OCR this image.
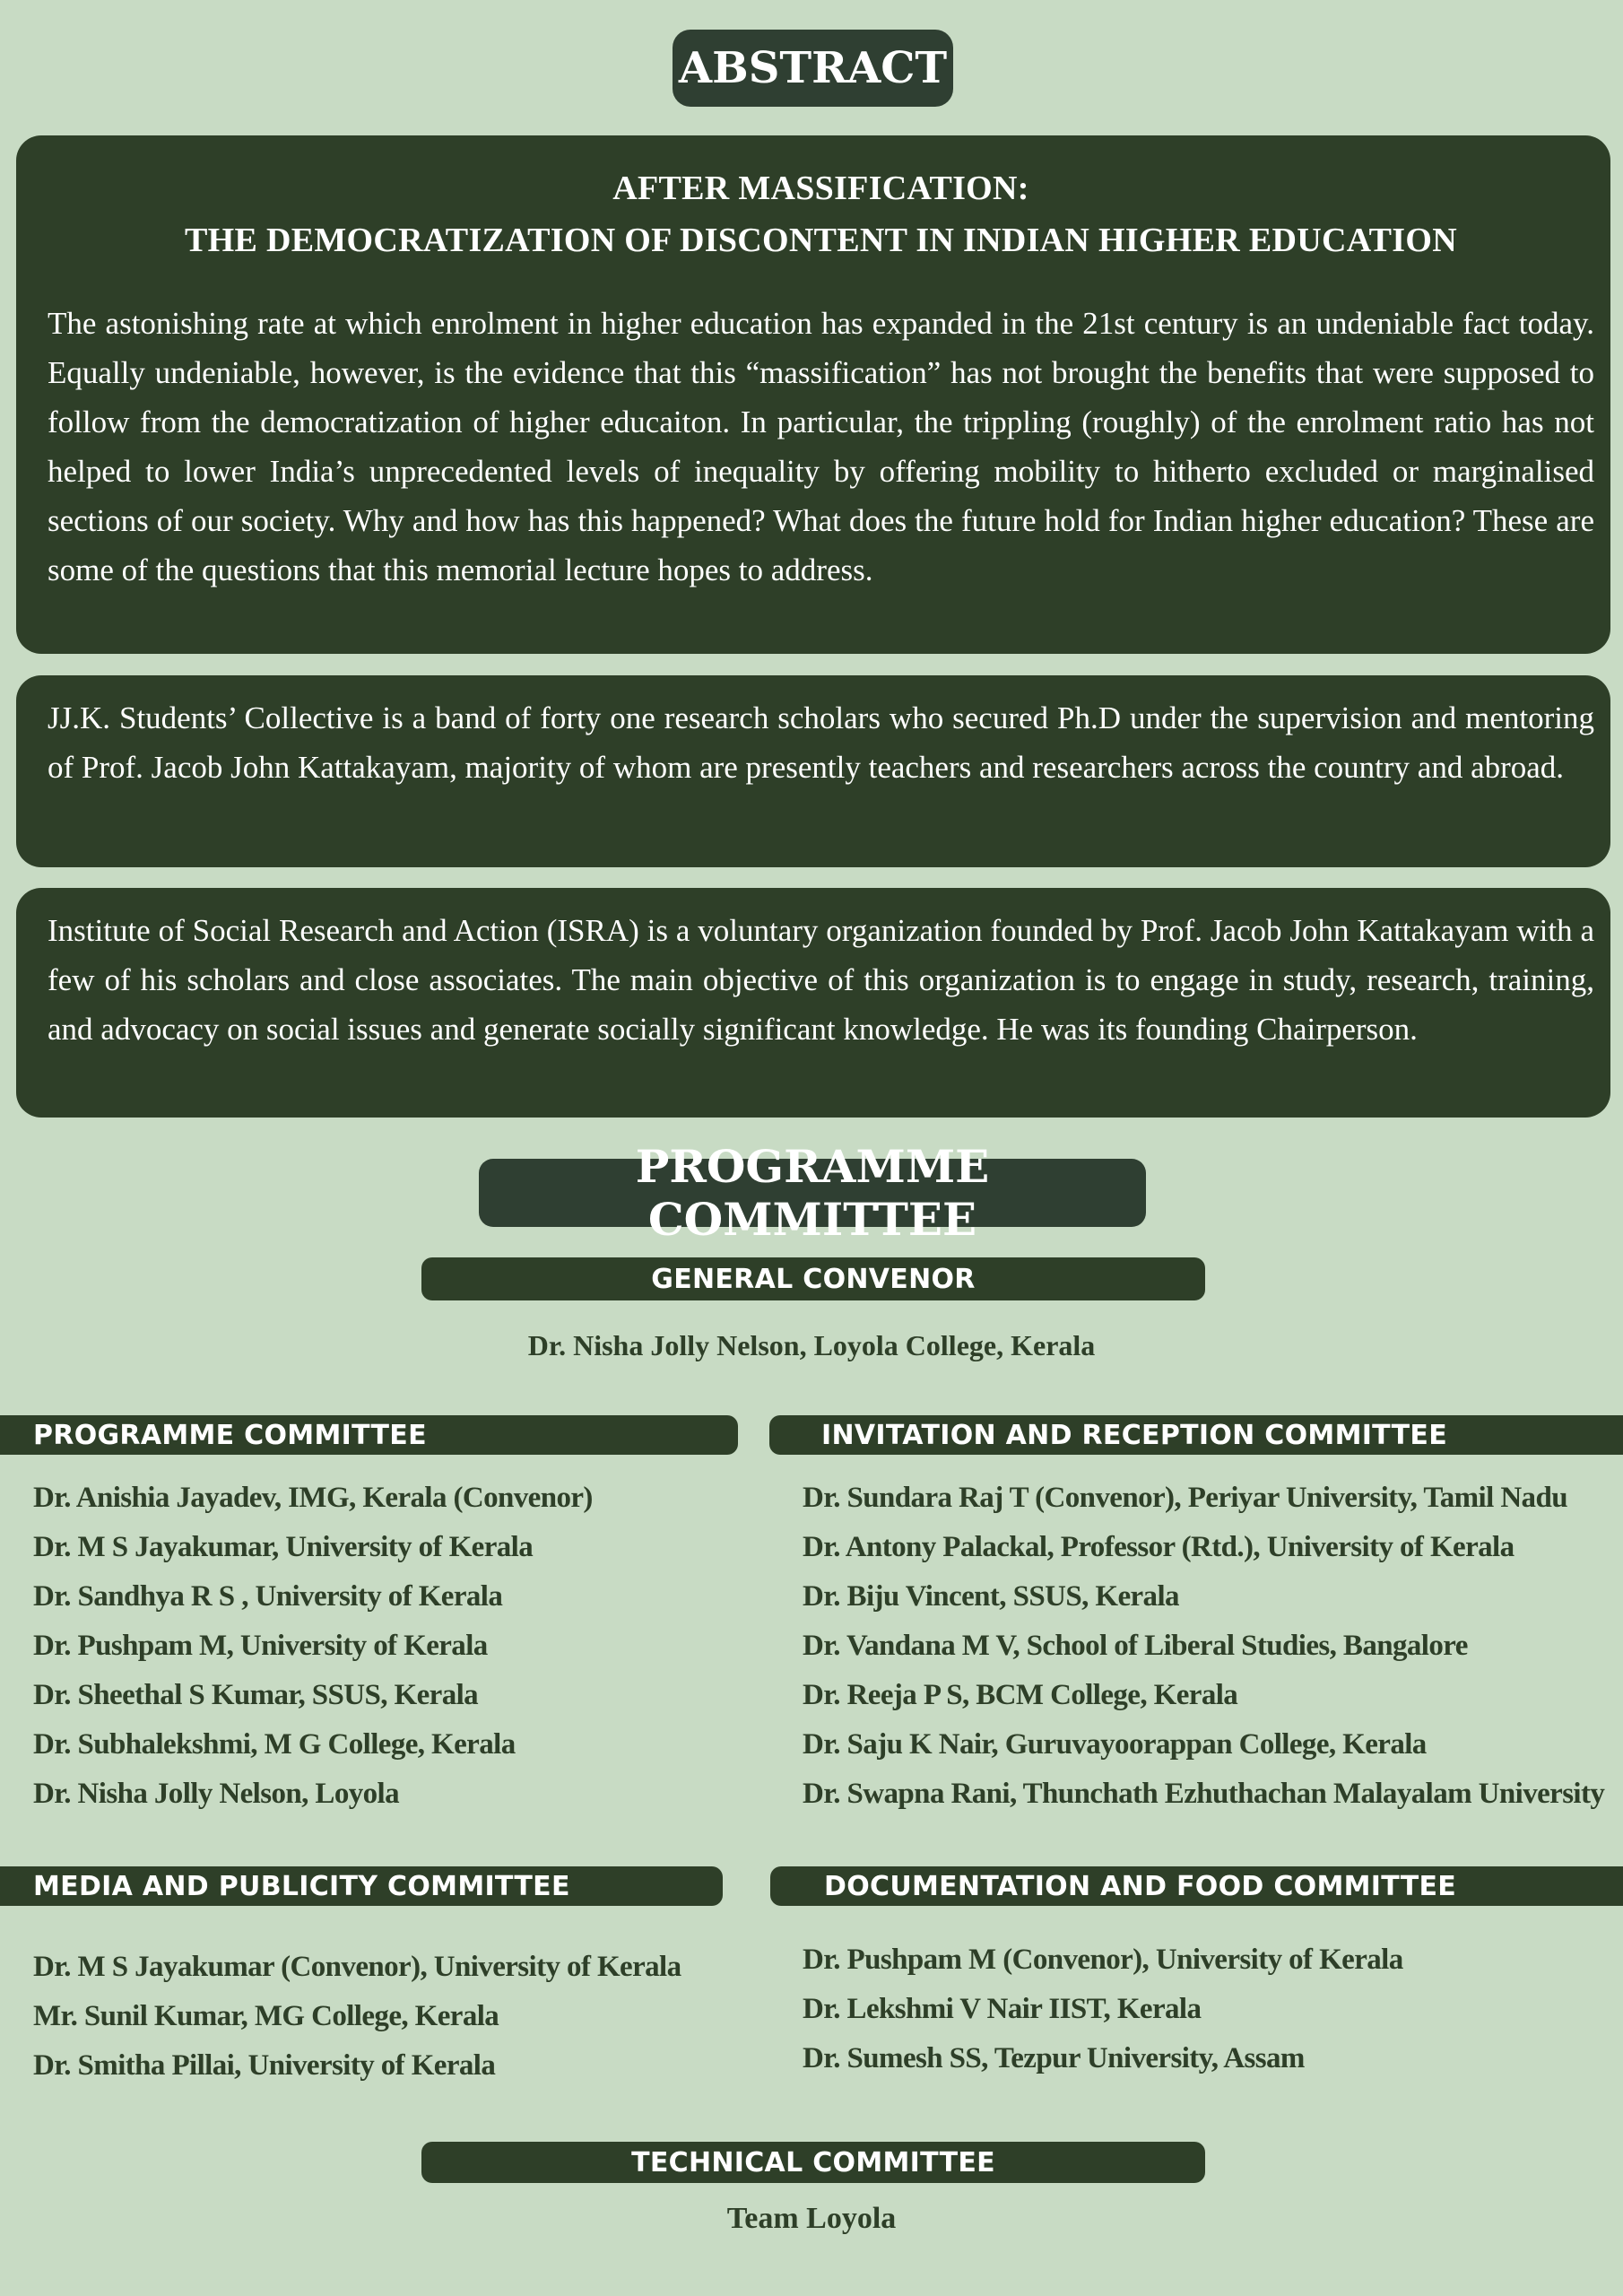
ABSTRACT
AFTER MASSIFICATION:
THE DEMOCRATIZATION OF DISCONTENT IN INDIAN HIGHER EDUCATION
The astonishing rate at which enrolment in higher education has expanded in the 21st century is an undeniable fact today. Equally undeniable, however, is the evidence that this “massification” has not brought the benefits that were supposed to follow from the democratization of higher educaiton. In particular, the trippling (roughly) of the enrolment ratio has not helped to lower India’s unprecedented levels of inequality by offering mobility to hitherto excluded or marginalised sections of our society. Why and how has this happened? What does the future hold for Indian higher education? These are some of the questions that this memorial lecture hopes to address.
JJ.K. Students’ Collective is a band of forty one research scholars who secured Ph.D under the supervision and mentoring of Prof. Jacob John Kattakayam, majority of whom are presently teachers and researchers across the country and abroad.
Institute of Social Research and Action (ISRA) is a voluntary organization founded by Prof. Jacob John Kattakayam with a few of his scholars and close associates. The main objective of this organization is to engage in study, research, training, and advocacy on social issues and generate socially significant knowledge. He was its founding Chairperson.
PROGRAMME COMMITTEE
GENERAL CONVENOR
Dr. Nisha Jolly Nelson, Loyola College, Kerala
PROGRAMME COMMITTEE
Dr. Anishia Jayadev, IMG, Kerala (Convenor)
Dr. M S Jayakumar, University of Kerala
Dr. Sandhya R S , University of Kerala
Dr. Pushpam M, University of Kerala
Dr. Sheethal S Kumar, SSUS, Kerala
Dr. Subhalekshmi, M G College, Kerala
Dr. Nisha Jolly Nelson, Loyola
INVITATION AND RECEPTION COMMITTEE
Dr. Sundara Raj T (Convenor), Periyar University, Tamil Nadu
Dr. Antony Palackal, Professor (Rtd.), University of Kerala
Dr. Biju Vincent, SSUS, Kerala
Dr. Vandana M V, School of Liberal Studies, Bangalore
Dr. Reeja P S, BCM College, Kerala
Dr. Saju K Nair, Guruvayoorappan College, Kerala
Dr. Swapna Rani, Thunchath Ezhuthachan Malayalam University
MEDIA AND PUBLICITY COMMITTEE
Dr. M S Jayakumar (Convenor), University of Kerala
Mr. Sunil Kumar, MG College, Kerala
Dr. Smitha Pillai, University of Kerala
DOCUMENTATION AND FOOD COMMITTEE
Dr. Pushpam M (Convenor), University of Kerala
Dr. Lekshmi V Nair IIST, Kerala
Dr. Sumesh SS, Tezpur University, Assam
TECHNICAL COMMITTEE
Team Loyola
